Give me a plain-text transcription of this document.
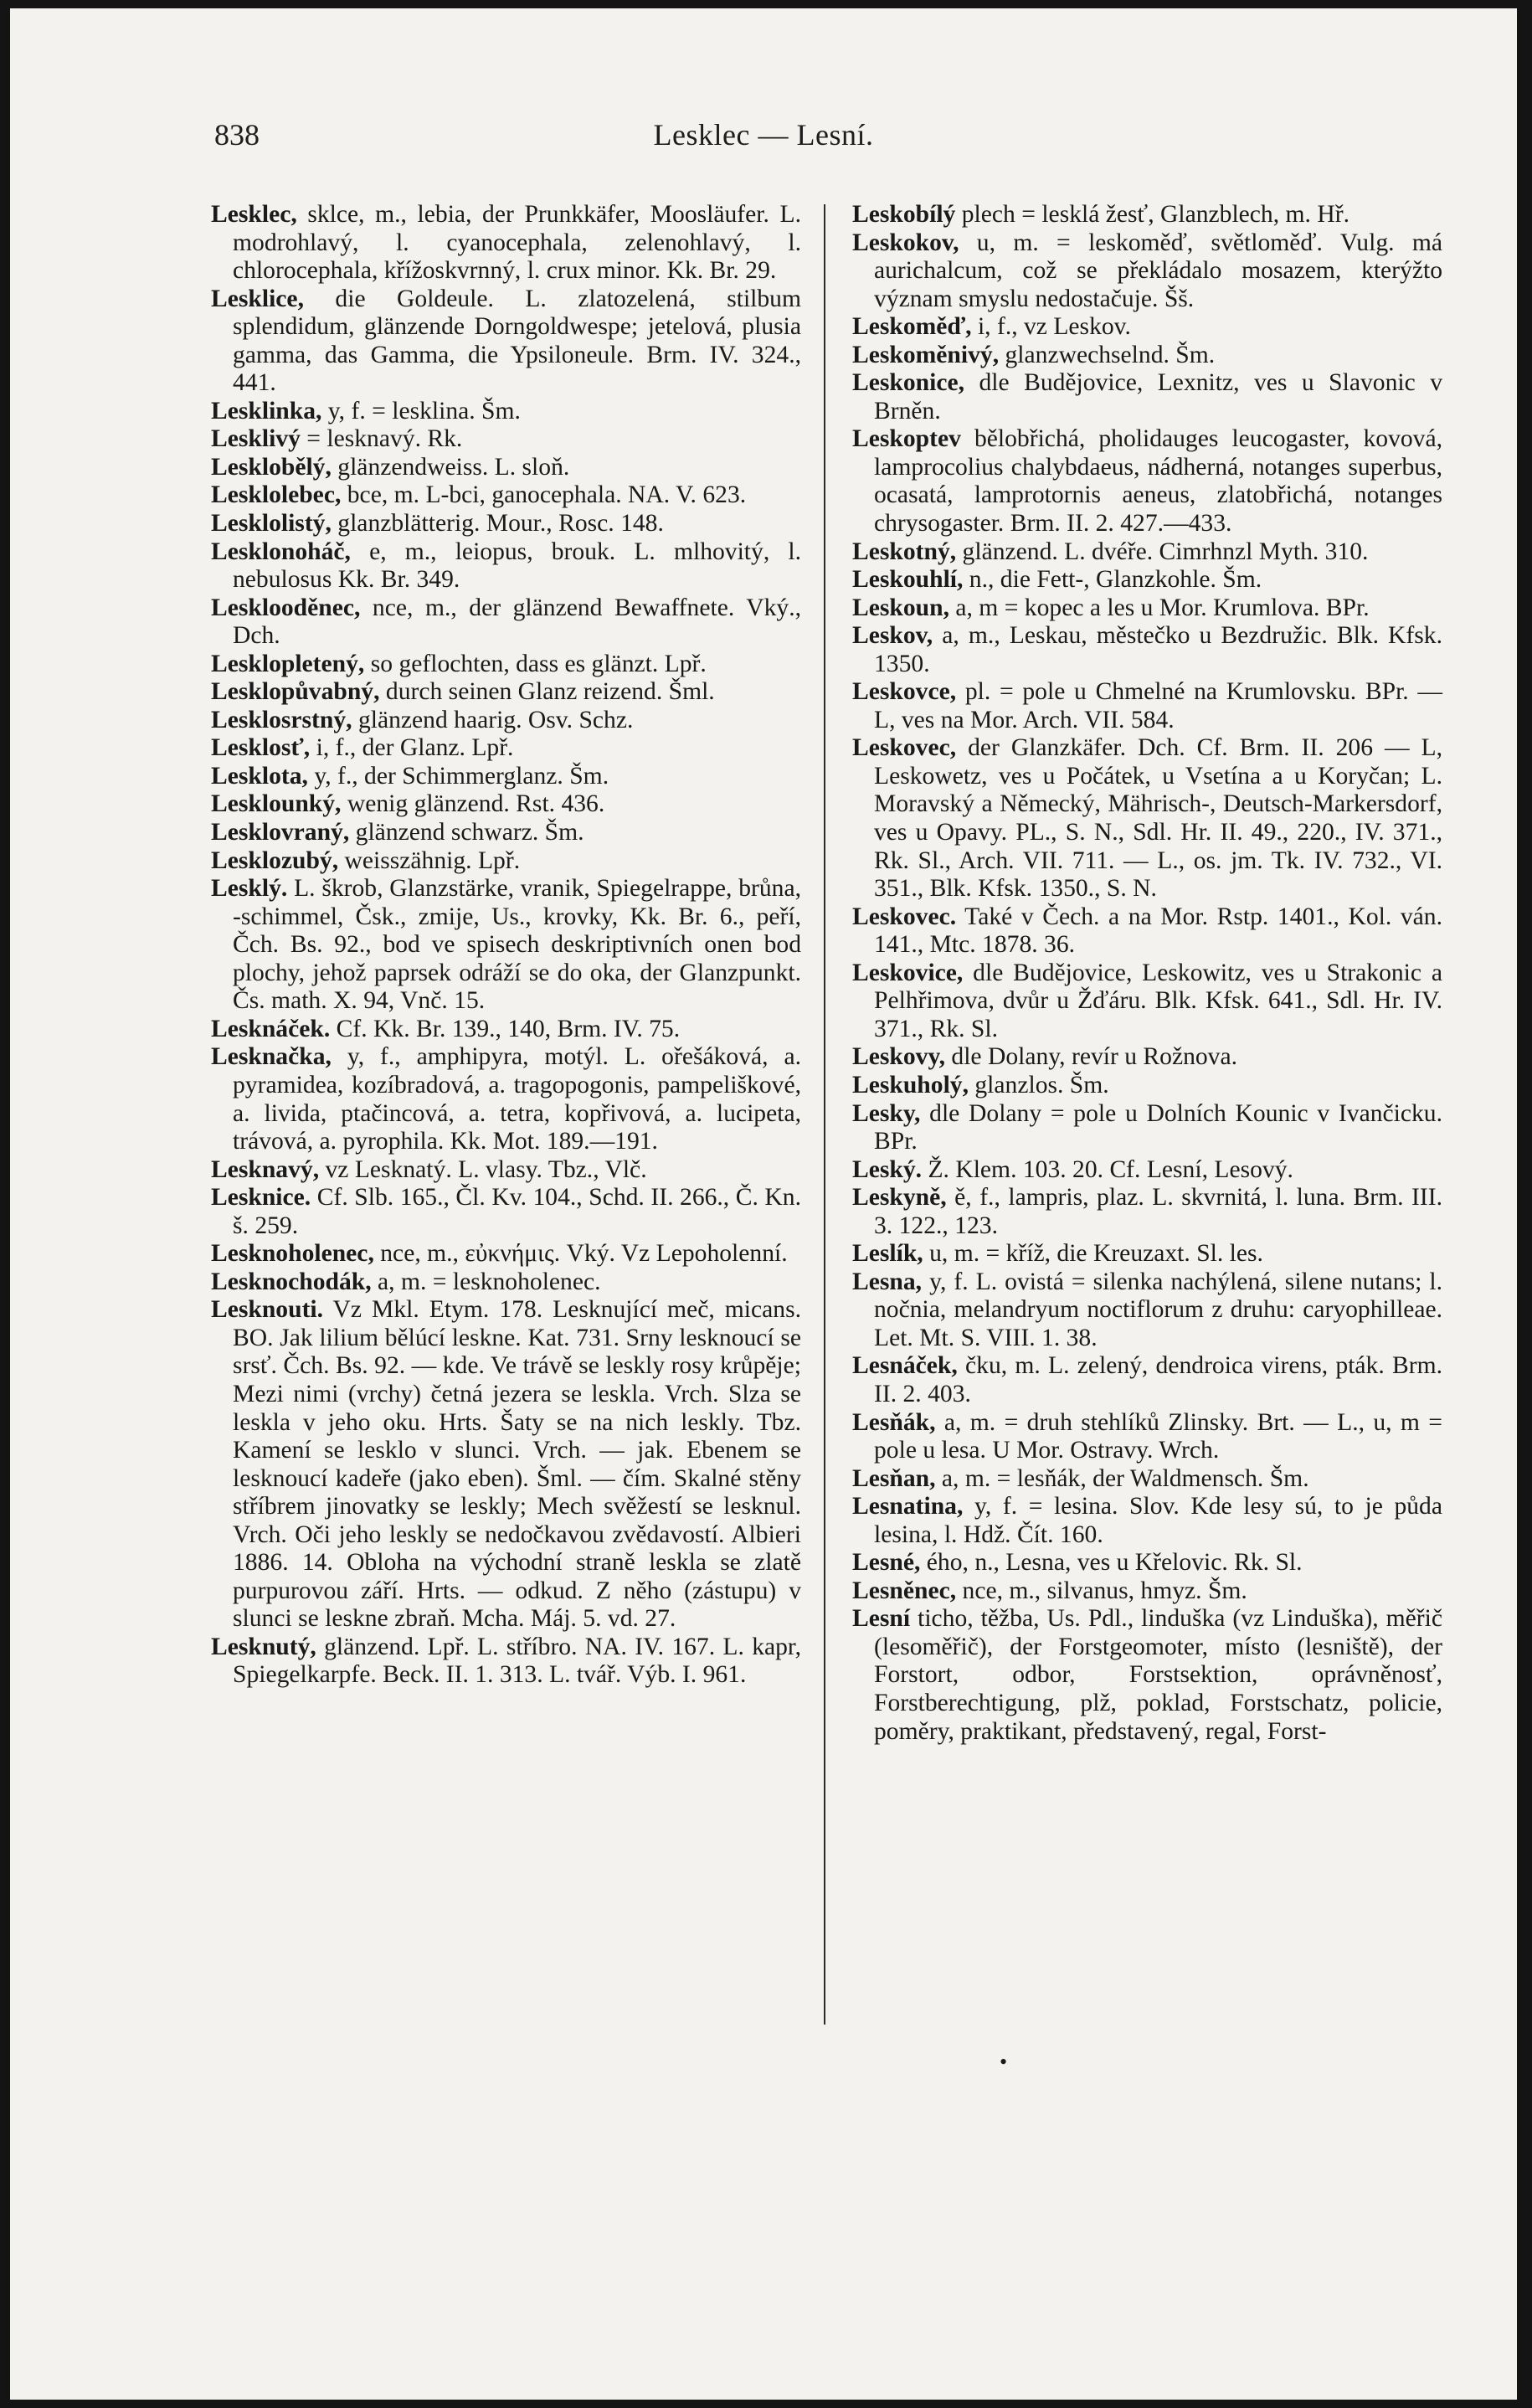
Lesklec — Lesní.
838

Lesklec, sklce, m., lebia, der Prunkkäfer, Moosläufer. L. modrohlavý, l. cyanocephala, zelenohlavý, l. chlorocephala, křížoskvrnný, l. crux minor. Kk. Br. 29.

Lesklice, die Goldeule. L. zlatozelená, stilbum splendidum, glänzende Dorngoldwespe; jetelová, plusia gamma, das Gamma, die Ypsiloneule. Brm. IV. 324., 441.

Lesklinka, y, f. = lesklina. Šm.

Lesklivý = lesknavý. Rk.

Lesklobělý, glänzendweiss. L. sloň.

Lesklolebec, bce, m. L-bci, ganocephala. NA. V. 623.

Lesklolistý, glanzblätterig. Mour., Rosc. 148.

Lesklonoháč, e, m., leiopus, brouk. L. mlhovitý, l. nebulosus Kk. Br. 349.

Lesklooděnec, nce, m., der glänzend Bewaffnete. Vký., Dch.

Lesklopletený, so geflochten, dass es glänzt. Lpř.

Lesklopůvabný, durch seinen Glanz reizend. Šml.

Lesklosrstný, glänzend haarig. Osv. Schz.

Lesklosť, i, f., der Glanz. Lpř.

Lesklota, y, f., der Schimmerglanz. Šm.

Lesklounký, wenig glänzend. Rst. 436.

Lesklovraný, glänzend schwarz. Šm.

Lesklozubý, weisszähnig. Lpř.

Lesklý. L. škrob, Glanzstärke, vranik, Spiegelrappe, brůna, -schimmel, Čsk., zmije, Us., krovky, Kk. Br. 6., peří, Čch. Bs. 92., bod ve spisech deskriptivních onen bod plochy, jehož paprsek odráží se do oka, der Glanzpunkt. Čs. math. X. 94, Vnč. 15.

Lesknáček. Cf. Kk. Br. 139., 140, Brm. IV. 75.

Lesknačka, y, f., amphipyra, motýl. L. ořešáková, a. pyramidea, kozíbradová, a. tragopogonis, pampeliškové, a. livida, ptačincová, a. tetra, kopřivová, a. lucipeta, trávová, a. pyrophila. Kk. Mot. 189.—191.

Lesknavý, vz Lesknatý. L. vlasy. Tbz., Vlč.

Lesknice. Cf. Slb. 165., Čl. Kv. 104., Schd. II. 266., Č. Kn. š. 259.

Lesknoholenec, nce, m., εὐκνήμις. Vký. Vz Lepoholenní.

Lesknochodák, a, m. = lesknoholenec.

Lesknouti. Vz Mkl. Etym. 178. Lesknující meč, micans. BO. Jak lilium bělúcí leskne. Kat. 731. Srny lesknoucí se srsť. Čch. Bs. 92. — kde. Ve trávě se leskly rosy krůpěje; Mezi nimi (vrchy) četná jezera se leskla. Vrch. Slza se leskla v jeho oku. Hrts. Šaty se na nich leskly. Tbz. Kamení se lesklo v slunci. Vrch. — jak. Ebenem se lesknoucí kadeře (jako eben). Šml. — čím. Skalné stěny stříbrem jinovatky se leskly; Mech svěžestí se lesknul. Vrch. Oči jeho leskly se nedočkavou zvědavostí. Albieri 1886. 14. Obloha na východní straně leskla se zlatě purpurovou září. Hrts. — odkud. Z něho (zástupu) v slunci se leskne zbraň. Mcha. Máj. 5. vd. 27.

Lesknutý, glänzend. Lpř. L. stříbro. NA. IV. 167. L. kapr, Spiegelkarpfe. Beck. II. 1. 313. L. tvář. Výb. I. 961.

Leskobílý plech = lesklá žesť, Glanzblech, m. Hř.

Leskokov, u, m. = leskoměď, světloměď. Vulg. má aurichalcum, což se překládalo mosazem, kterýžto význam smyslu nedostačuje. Šš.

Leskoměď, i, f., vz Leskov.

Leskoměnivý, glanzwechselnd. Šm.

Leskonice, dle Budějovice, Lexnitz, ves u Slavonic v Brněn.

Leskoptev bělobřichá, pholidauges leucogaster, kovová, lamprocolius chalybdaeus, nádherná, notanges superbus, ocasatá, lamprotornis aeneus, zlatobřichá, notanges chrysogaster. Brm. II. 2. 427.—433.

Leskotný, glänzend. L. dvéře. Cimrhnzl Myth. 310.

Leskouhlí, n., die Fett-, Glanzkohle. Šm.

Leskoun, a, m = kopec a les u Mor. Krumlova. BPr.

Leskov, a, m., Leskau, městečko u Bezdružic. Blk. Kfsk. 1350.

Leskovce, pl. = pole u Chmelné na Krumlovsku. BPr. — L, ves na Mor. Arch. VII. 584.

Leskovec, der Glanzkäfer. Dch. Cf. Brm. II. 206 — L, Leskowetz, ves u Počátek, u Vsetína a u Koryčan; L. Moravský a Německý, Mährisch-, Deutsch-Markersdorf, ves u Opavy. PL., S. N., Sdl. Hr. II. 49., 220., IV. 371., Rk. Sl., Arch. VII. 711. — L., os. jm. Tk. IV. 732., VI. 351., Blk. Kfsk. 1350., S. N.

Leskovec. Také v Čech. a na Mor. Rstp. 1401., Kol. ván. 141., Mtc. 1878. 36.

Leskovice, dle Budějovice, Leskowitz, ves u Strakonic a Pelhřimova, dvůr u Žďáru. Blk. Kfsk. 641., Sdl. Hr. IV. 371., Rk. Sl.

Leskovy, dle Dolany, revír u Rožnova.

Leskuholý, glanzlos. Šm.

Lesky, dle Dolany = pole u Dolních Kounic v Ivančicku. BPr.

Leský. Ž. Klem. 103. 20. Cf. Lesní, Lesový.

Leskyně, ě, f., lampris, plaz. L. skvrnitá, l. luna. Brm. III. 3. 122., 123.

Leslík, u, m. = kříž, die Kreuzaxt. Sl. les.

Lesna, y, f. L. ovistá = silenka nachýlená, silene nutans; l. nočnia, melandryum noctiflorum z druhu: caryophilleae. Let. Mt. S. VIII. 1. 38.

Lesnáček, čku, m. L. zelený, dendroica virens, pták. Brm. II. 2. 403.

Lesňák, a, m. = druh stehlíků Zlinsky. Brt. — L., u, m = pole u lesa. U Mor. Ostravy. Wrch.

Lesňan, a, m. = lesňák, der Waldmensch. Šm.

Lesnatina, y, f. = lesina. Slov. Kde lesy sú, to je půda lesina, l. Hdž. Čít. 160.

Lesné, ého, n., Lesna, ves u Křelovic. Rk. Sl.

Lesněnec, nce, m., silvanus, hmyz. Šm.

Lesní ticho, těžba, Us. Pdl., linduška (vz Linduška), měřič (lesoměřič), der Forstgeomoter, místo (lesniště), der Forstort, odbor, Forstsektion, oprávněnosť, Forstberechtigung, plž, poklad, Forstschatz, policie, poměry, praktikant, představený, regal, Forst-

•
